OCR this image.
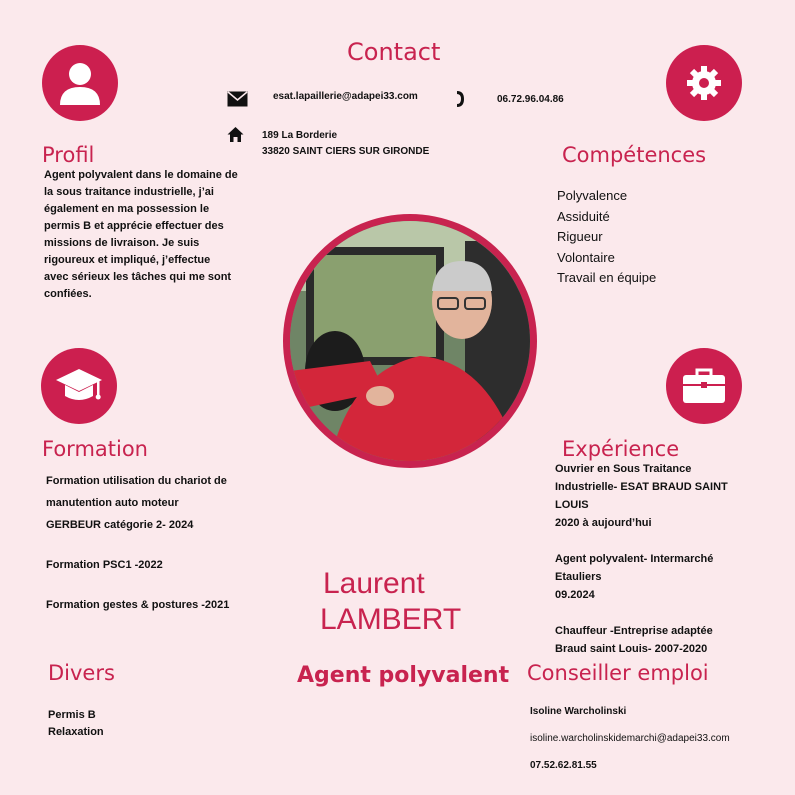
Contact
esat.lapaillerie@adapei33.com	06.72.96.04.86
189 La Borderie
33820 SAINT CIERS SUR GIRONDE
Profil
Agent polyvalent dans le domaine de
la sous traitance industrielle, j’ai
également en ma possession le
permis B et apprécie effectuer des
missions de livraison. Je suis
rigoureux et impliqué, j’effectue
avec sérieux les tâches qui me sont
confiées.
Compétences
Polyvalence
Assiduité
Rigueur
Volontaire
Travail en équipe
Formation
Formation utilisation du chariot de
manutention auto moteur
GERBEUR catégorie 2- 2024
Formation PSC1 -2022
Formation gestes & postures -2021
Expérience
Ouvrier en Sous Traitance
Industrielle- ESAT BRAUD SAINT
LOUIS
2020 à aujourd’hui
Agent polyvalent- Intermarché
Etauliers
09.2024
Chauffeur -Entreprise adaptée
Braud saint Louis- 2007-2020
Laurent
LAMBERT
Agent polyvalent
Divers
Permis B
Relaxation
Conseiller emploi
Isoline Warcholinski
isoline.warcholinskidemarchi@adapei33.com
07.52.62.81.55
